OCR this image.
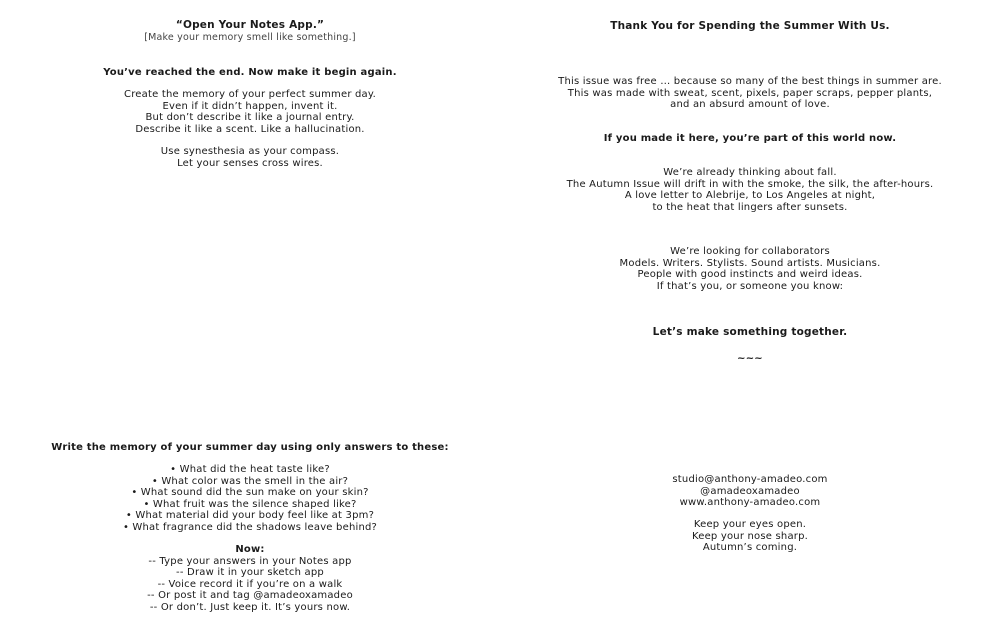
“Open Your Notes App.”
[Make your memory smell like something.]
You’ve reached the end. Now make it begin again.
Create the memory of your perfect summer day.
Even if it didn’t happen, invent it.
But don’t describe it like a journal entry.
Describe it like a scent. Like a hallucination.
Use synesthesia as your compass.
Let your senses cross wires.
Write the memory of your summer day using only answers to these:
• What did the heat taste like?
• What color was the smell in the air?
• What sound did the sun make on your skin?
• What fruit was the silence shaped like?
• What material did your body feel like at 3pm?
• What fragrance did the shadows leave behind?
Now:
-- Type your answers in your Notes app
-- Draw it in your sketch app
-- Voice record it if you’re on a walk
-- Or post it and tag @amadeoxamadeo
-- Or don’t. Just keep it. It’s yours now.
Thank You for Spending the Summer With Us.
This issue was free … because so many of the best things in summer are.
This was made with sweat, scent, pixels, paper scraps, pepper plants,
and an absurd amount of love.
If you made it here, you’re part of this world now.
We’re already thinking about fall.
The Autumn Issue will drift in with the smoke, the silk, the after-hours.
A love letter to Alebrije, to Los Angeles at night,
to the heat that lingers after sunsets.
We’re looking for collaborators
Models. Writers. Stylists. Sound artists. Musicians.
People with good instincts and weird ideas.
If that’s you, or someone you know:
Let’s make something together.
~~~
studio@anthony-amadeo.com
@amadeoxamadeo
www.anthony-amadeo.com
Keep your eyes open.
Keep your nose sharp.
Autumn’s coming.
